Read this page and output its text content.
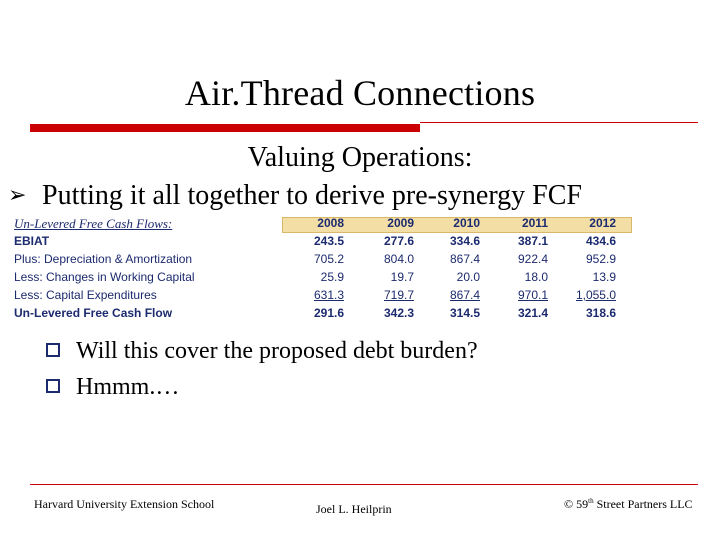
Air.Thread Connections
Valuing Operations:
➢ Putting it all together to derive pre-synergy FCF
Un-Levered Free Cash Flows:	2008	2009	2010	2011	2012
EBIAT	243.5	277.6	334.6	387.1	434.6
Plus: Depreciation & Amortization	705.2	804.0	867.4	922.4	952.9
Less: Changes in Working Capital	25.9	19.7	20.0	18.0	13.9
Less: Capital Expenditures	631.3	719.7	867.4	970.1	1,055.0
Un-Levered Free Cash Flow	291.6	342.3	314.5	321.4	318.6
Will this cover the proposed debt burden?
Hmmm.…
Harvard University Extension School	Joel L. Heilprin	© 59th Street Partners LLC
